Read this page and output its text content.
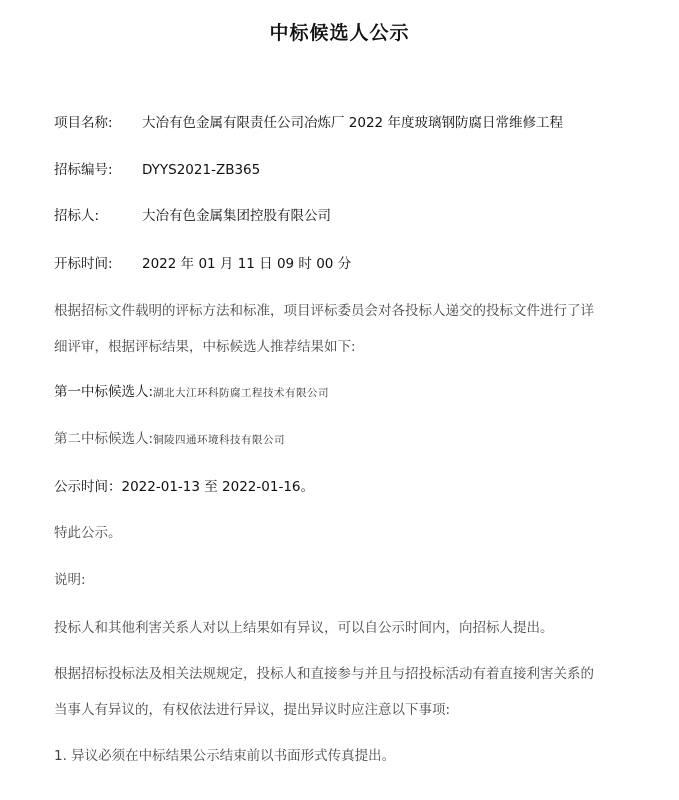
中标候选人公示
项目名称: 大冶有色金属有限责任公司冶炼厂 2022 年度玻璃钢防腐日常维修工程
招标编号: DYYS2021-ZB365
招标人:	大冶有色金属集团控股有限公司
开标时间: 2022 年 01 月 11 日 09 时 00 分
根据招标文件载明的评标方法和标准，项目评标委员会对各投标人递交的投标文件进行了详
细评审，根据评标结果，中标候选人推荐结果如下:
第一中标候选人:湖北大江环科防腐工程技术有限公司
第二中标候选人:铜陵四通环境科技有限公司
公示时间：2022-01-13 至 2022-01-16。
特此公示。
说明:
投标人和其他利害关系人对以上结果如有异议，可以自公示时间内，向招标人提出。
根据招标投标法及相关法规规定，投标人和直接参与并且与招投标活动有着直接利害关系的
当事人有异议的，有权依法进行异议，提出异议时应注意以下事项:
1. 异议必须在中标结果公示结束前以书面形式传真提出。
